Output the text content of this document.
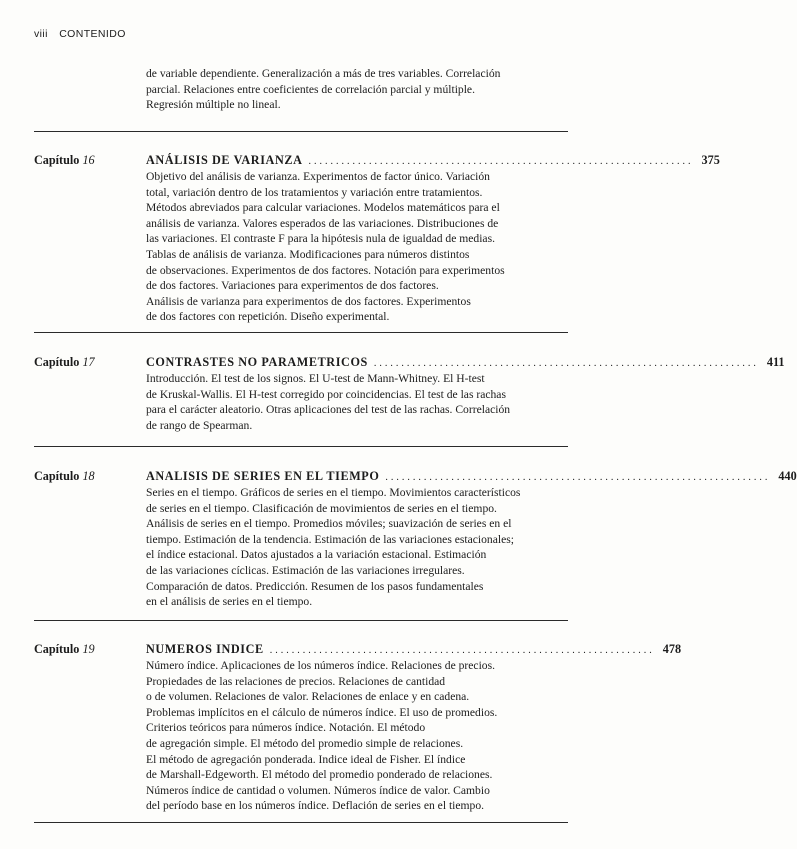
viii CONTENIDO
de variable dependiente. Generalización a más de tres variables. Correlación
parcial. Relaciones entre coeficientes de correlación parcial y múltiple.
Regresión múltiple no lineal.
Capítulo 16	ANÁLISIS DE VARIANZA ...................................................................... 375
Objetivo del análisis de varianza. Experimentos de factor único. Variación
total, variación dentro de los tratamientos y variación entre tratamientos.
Métodos abreviados para calcular variaciones. Modelos matemáticos para el
análisis de varianza. Valores esperados de las variaciones. Distribuciones de
las variaciones. El contraste F para la hipótesis nula de igualdad de medias.
Tablas de análisis de varianza. Modificaciones para números distintos
de observaciones. Experimentos de dos factores. Notación para experimentos
de dos factores. Variaciones para experimentos de dos factores.
Análisis de varianza para experimentos de dos factores. Experimentos
de dos factores con repetición. Diseño experimental.
Capítulo 17	CONTRASTES NO PARAMETRICOS ...................................................................... 411
Introducción. El test de los signos. El U-test de Mann-Whitney. El H-test
de Kruskal-Wallis. El H-test corregido por coincidencias. El test de las rachas
para el carácter aleatorio. Otras aplicaciones del test de las rachas. Correlación
de rango de Spearman.
Capítulo 18	ANALISIS DE SERIES EN EL TIEMPO ...................................................................... 440
Series en el tiempo. Gráficos de series en el tiempo. Movimientos característicos
de series en el tiempo. Clasificación de movimientos de series en el tiempo.
Análisis de series en el tiempo. Promedios móviles; suavización de series en el
tiempo. Estimación de la tendencia. Estimación de las variaciones estacionales;
el índice estacional. Datos ajustados a la variación estacional. Estimación
de las variaciones cíclicas. Estimación de las variaciones irregulares.
Comparación de datos. Predicción. Resumen de los pasos fundamentales
en el análisis de series en el tiempo.
Capítulo 19	NUMEROS INDICE ...................................................................... 478
Número índice. Aplicaciones de los números índice. Relaciones de precios.
Propiedades de las relaciones de precios. Relaciones de cantidad
o de volumen. Relaciones de valor. Relaciones de enlace y en cadena.
Problemas implícitos en el cálculo de números índice. El uso de promedios.
Criterios teóricos para números índice. Notación. El método
de agregación simple. El método del promedio simple de relaciones.
El método de agregación ponderada. Indice ideal de Fisher. El índice
de Marshall-Edgeworth. El método del promedio ponderado de relaciones.
Números índice de cantidad o volumen. Números índice de valor. Cambio
del período base en los números índice. Deflación de series en el tiempo.
